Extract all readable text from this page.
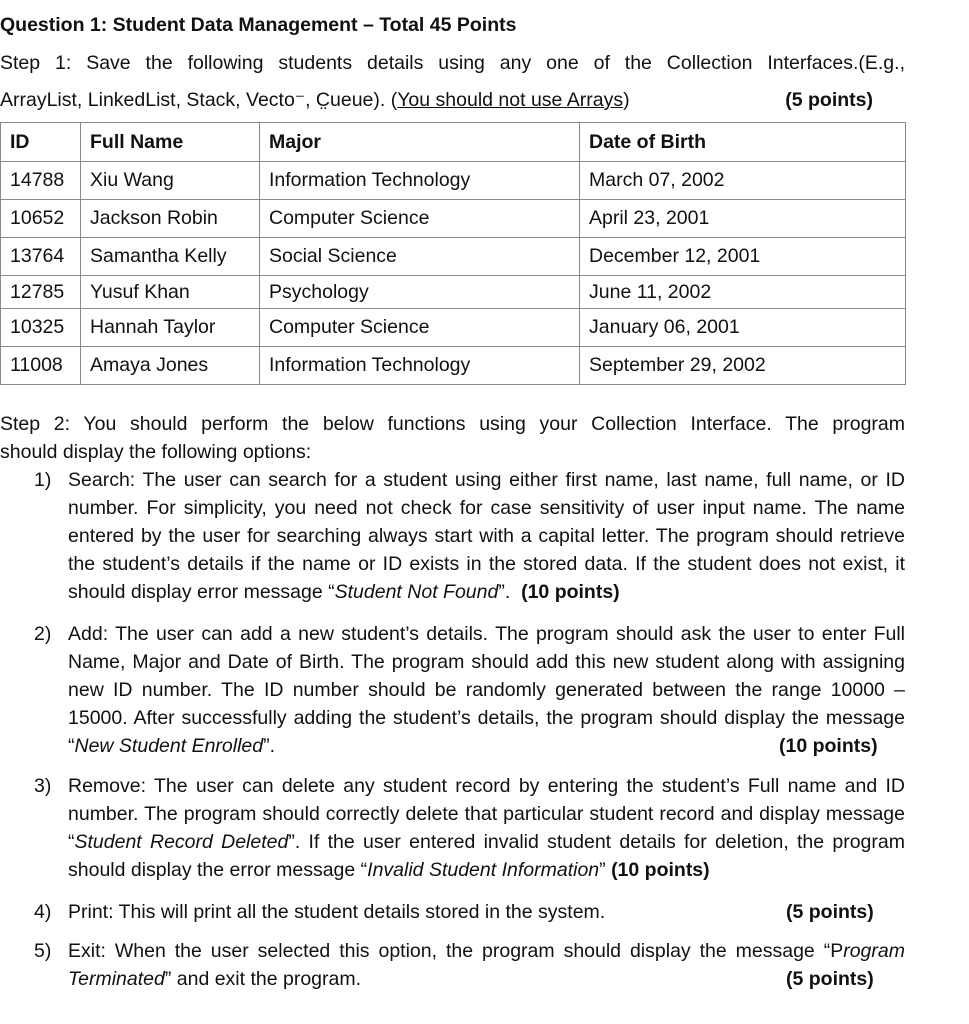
Question 1: Student Data Management – Total 45 Points
Step 1: Save the following students details using any one of the Collection Interfaces.(E.g.,
ArrayList, LinkedList, Stack, Vecto⁻, C̤ueue). (You should not use Arrays)	(5 points)
ID	Full Name	Major	Date of Birth
14788	Xiu Wang	Information Technology	March 07, 2002
10652	Jackson Robin	Computer Science	April 23, 2001
13764	Samantha Kelly	Social Science	December 12, 2001
12785	Yusuf Khan	Psychology	June 11, 2002
10325	Hannah Taylor	Computer Science	January 06, 2001
11008	Amaya Jones	Information Technology	September 29, 2002
Step 2: You should perform the below functions using your Collection Interface. The program
should display the following options:
1) Search: The user can search for a student using either first name, last name, full name, or ID number. For simplicity, you need not check for case sensitivity of user input name. The name entered by the user for searching always start with a capital letter. The program should retrieve the student’s details if the name or ID exists in the stored data. If the student does not exist, it should display error message “Student Not Found”. (10 points)
2) Add: The user can add a new student’s details. The program should ask the user to enter Full Name, Major and Date of Birth. The program should add this new student along with assigning new ID number. The ID number should be randomly generated between the range 10000 – 15000. After successfully adding the student’s details, the program should display the message “New Student Enrolled”.	(10 points)
3) Remove: The user can delete any student record by entering the student’s Full name and ID number. The program should correctly delete that particular student record and display message “Student Record Deleted”. If the user entered invalid student details for deletion, the program should display the error message “Invalid Student Information” (10 points)
4) Print: This will print all the student details stored in the system.	(5 points)
5) Exit: When the user selected this option, the program should display the message “Program Terminated” and exit the program.	(5 points)
